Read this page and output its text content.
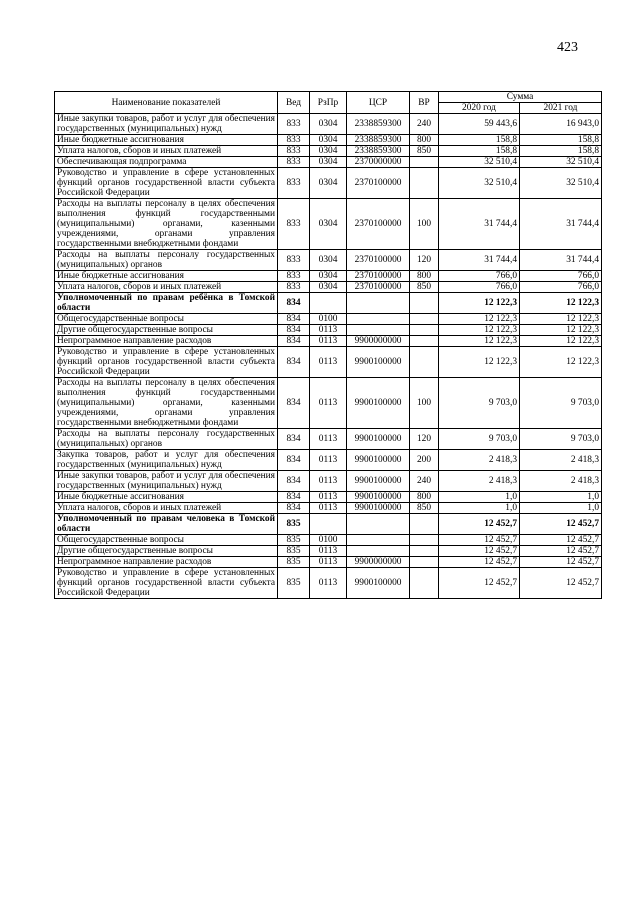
423
Наименование показателей	Вед	РзПр	ЦСР	ВР	Сумма	
					2020 год	2021 год
Иные закупки товаров, работ и услуг для обеспечения государственных (муниципальных) нужд	833	0304	2338859300	240	59 443,6	16 943,0
Иные бюджетные ассигнования	833	0304	2338859300	800	158,8	158,8
Уплата налогов, сборов и иных платежей	833	0304	2338859300	850	158,8	158,8
Обеспечивающая подпрограмма	833	0304	2370000000		32 510,4	32 510,4
Руководство и управление в сфере установленных функций органов государственной власти субъекта Российской Федерации	833	0304	2370100000		32 510,4	32 510,4
Расходы на выплаты персоналу в целях обеспечения выполнения функций государственными (муниципальными) органами, казенными учреждениями, органами управления государственными внебюджетными фондами	833	0304	2370100000	100	31 744,4	31 744,4
Расходы на выплаты персоналу государственных (муниципальных) органов	833	0304	2370100000	120	31 744,4	31 744,4
Иные бюджетные ассигнования	833	0304	2370100000	800	766,0	766,0
Уплата налогов, сборов и иных платежей	833	0304	2370100000	850	766,0	766,0
Уполномоченный по правам ребёнка в Томской области	834				12 122,3	12 122,3
Общегосударственные вопросы	834	0100			12 122,3	12 122,3
Другие общегосударственные вопросы	834	0113			12 122,3	12 122,3
Непрограммное направление расходов	834	0113	9900000000		12 122,3	12 122,3
Руководство и управление в сфере установленных функций органов государственной власти субъекта Российской Федерации	834	0113	9900100000		12 122,3	12 122,3
Расходы на выплаты персоналу в целях обеспечения выполнения функций государственными (муниципальными) органами, казенными учреждениями, органами управления государственными внебюджетными фондами	834	0113	9900100000	100	9 703,0	9 703,0
Расходы на выплаты персоналу государственных (муниципальных) органов	834	0113	9900100000	120	9 703,0	9 703,0
Закупка товаров, работ и услуг для обеспечения государственных (муниципальных) нужд	834	0113	9900100000	200	2 418,3	2 418,3
Иные закупки товаров, работ и услуг для обеспечения государственных (муниципальных) нужд	834	0113	9900100000	240	2 418,3	2 418,3
Иные бюджетные ассигнования	834	0113	9900100000	800	1,0	1,0
Уплата налогов, сборов и иных платежей	834	0113	9900100000	850	1,0	1,0
Уполномоченный по правам человека в Томской области	835				12 452,7	12 452,7
Общегосударственные вопросы	835	0100			12 452,7	12 452,7
Другие общегосударственные вопросы	835	0113			12 452,7	12 452,7
Непрограммное направление расходов	835	0113	9900000000		12 452,7	12 452,7
Руководство и управление в сфере установленных функций органов государственной власти субъекта Российской Федерации	835	0113	9900100000		12 452,7	12 452,7
